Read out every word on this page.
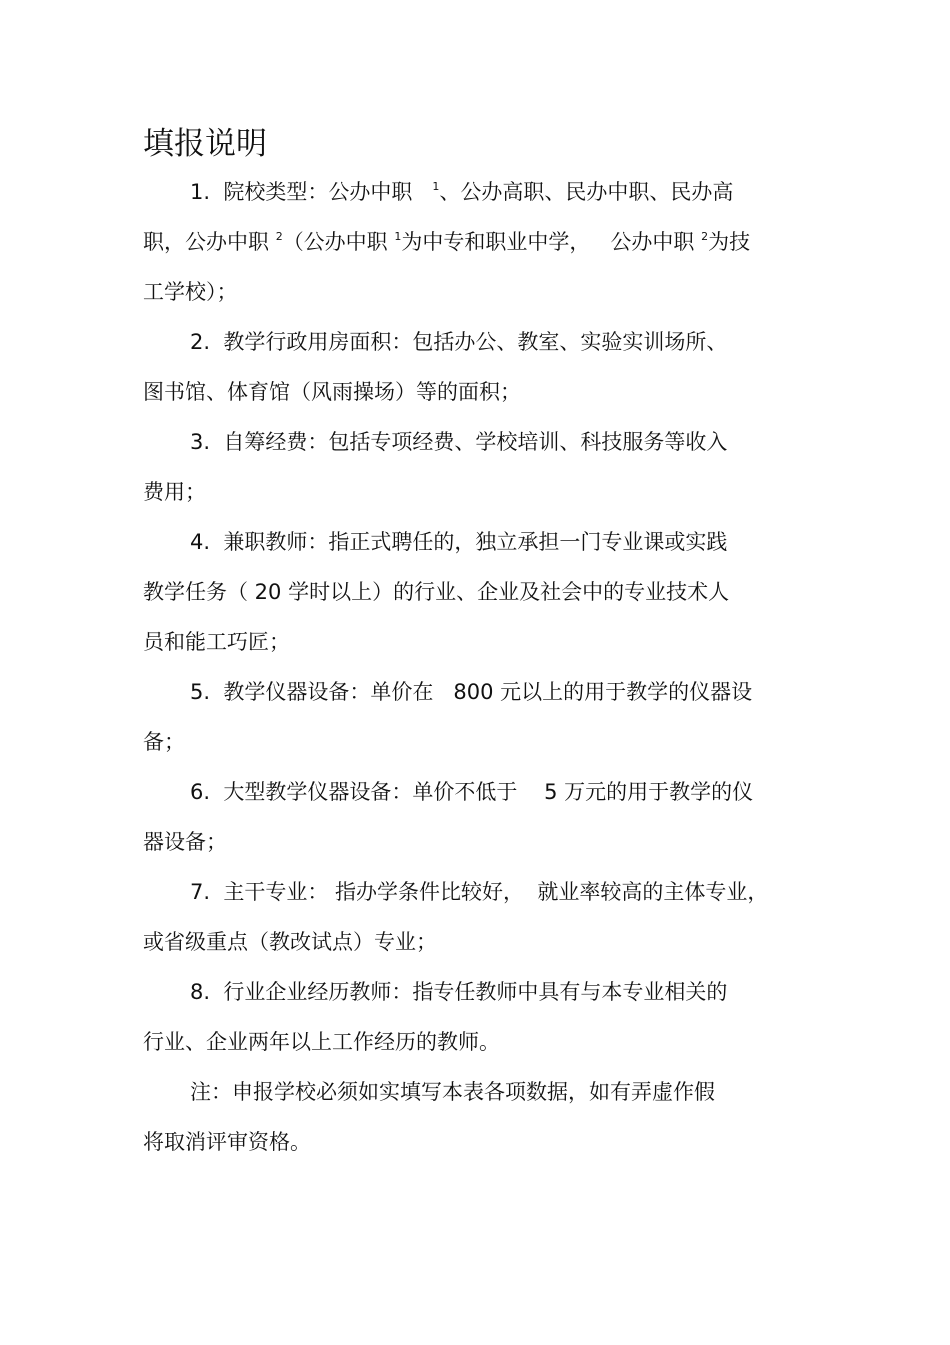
填报说明
1.  院校类型：公办中职   $^1$、公办高职、民办中职、民办高
职，公办中职 $^2$（公办中职 $^1$为中专和职业中学，   公办中职 $^2$为技
工学校）；
2.  教学行政用房面积：包括办公、教室、实验实训场所、
图书馆、体育馆（风雨操场）等的面积；
3.  自筹经费：包括专项经费、学校培训、科技服务等收入
费用；
4.  兼职教师：指正式聘任的，独立承担一门专业课或实践
教学任务（ 20 学时以上）的行业、企业及社会中的专业技术人
员和能工巧匠；
5.  教学仪器设备：单价在   800 元以上的用于教学的仪器设
备；
6.  大型教学仪器设备：单价不低于    5 万元的用于教学的仪
器设备；
7.  主干专业： 指办学条件比较好，  就业率较高的主体专业，
或省级重点（教改试点）专业；
8.  行业企业经历教师：指专任教师中具有与本专业相关的
行业、企业两年以上工作经历的教师。
注：申报学校必须如实填写本表各项数据，如有弄虚作假
将取消评审资格。
